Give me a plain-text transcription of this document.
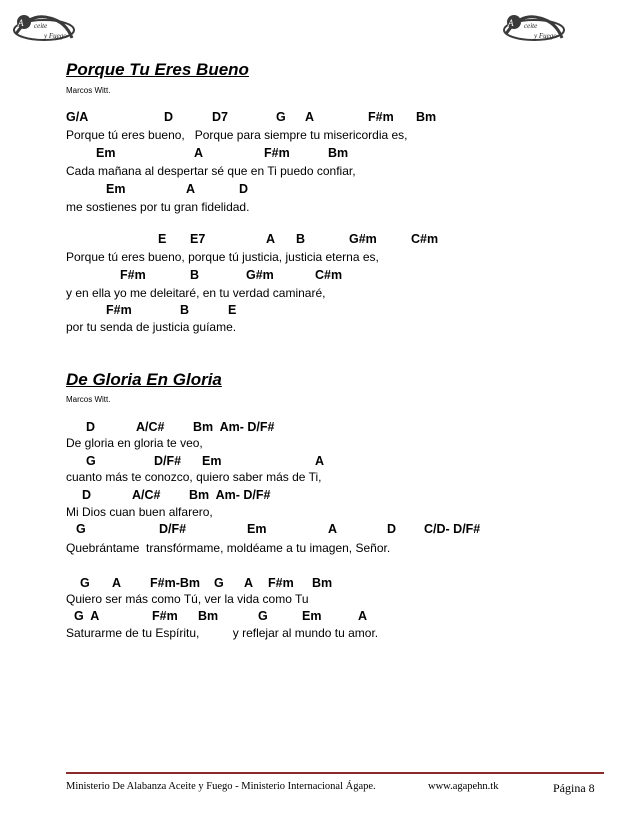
A ceite
y Fuego
A ceite
y Fuego
Porque Tu Eres Bueno
Marcos Witt.
G/A	D	D7	G A	F#m Bm
Porque tú eres bueno,   Porque para siempre tu misericordia es,
Em	A	F#m	Bm
Cada mañana al despertar sé que en Ti puedo confiar,
Em	A	D
me sostienes por tu gran fidelidad.
E E7	A B	G#m	C#m
Porque tú eres bueno, porque tú justicia, justicia eterna es,
F#m	B	G#m	C#m
y en ella yo me deleitaré, en tu verdad caminaré,
F#m	B	E
por tu senda de justicia guíame.
De Gloria En Gloria
Marcos Witt.
D	A/C# Bm  Am- D/F#
De gloria en gloria te veo,
G	D/F# Em	A
cuanto más te conozco, quiero saber más de Ti,
D	A/C# Bm  Am- D/F#
Mi Dios cuan buen alfarero,
G	D/F#	Em	A	D C/D- D/F#
Quebrántame  transfórmame, moldéame a tu imagen, Señor.
G A F#m-Bm G A F#m Bm
Quiero ser más como Tú, ver la vida como Tu
G  A	F#m Bm	G	Em	A
Saturarme de tu Espíritu,          y reflejar al mundo tu amor.
Ministerio De Alabanza Aceite y Fuego - Ministerio Internacional Ágape.	www.agapehn.tk	Página 8
